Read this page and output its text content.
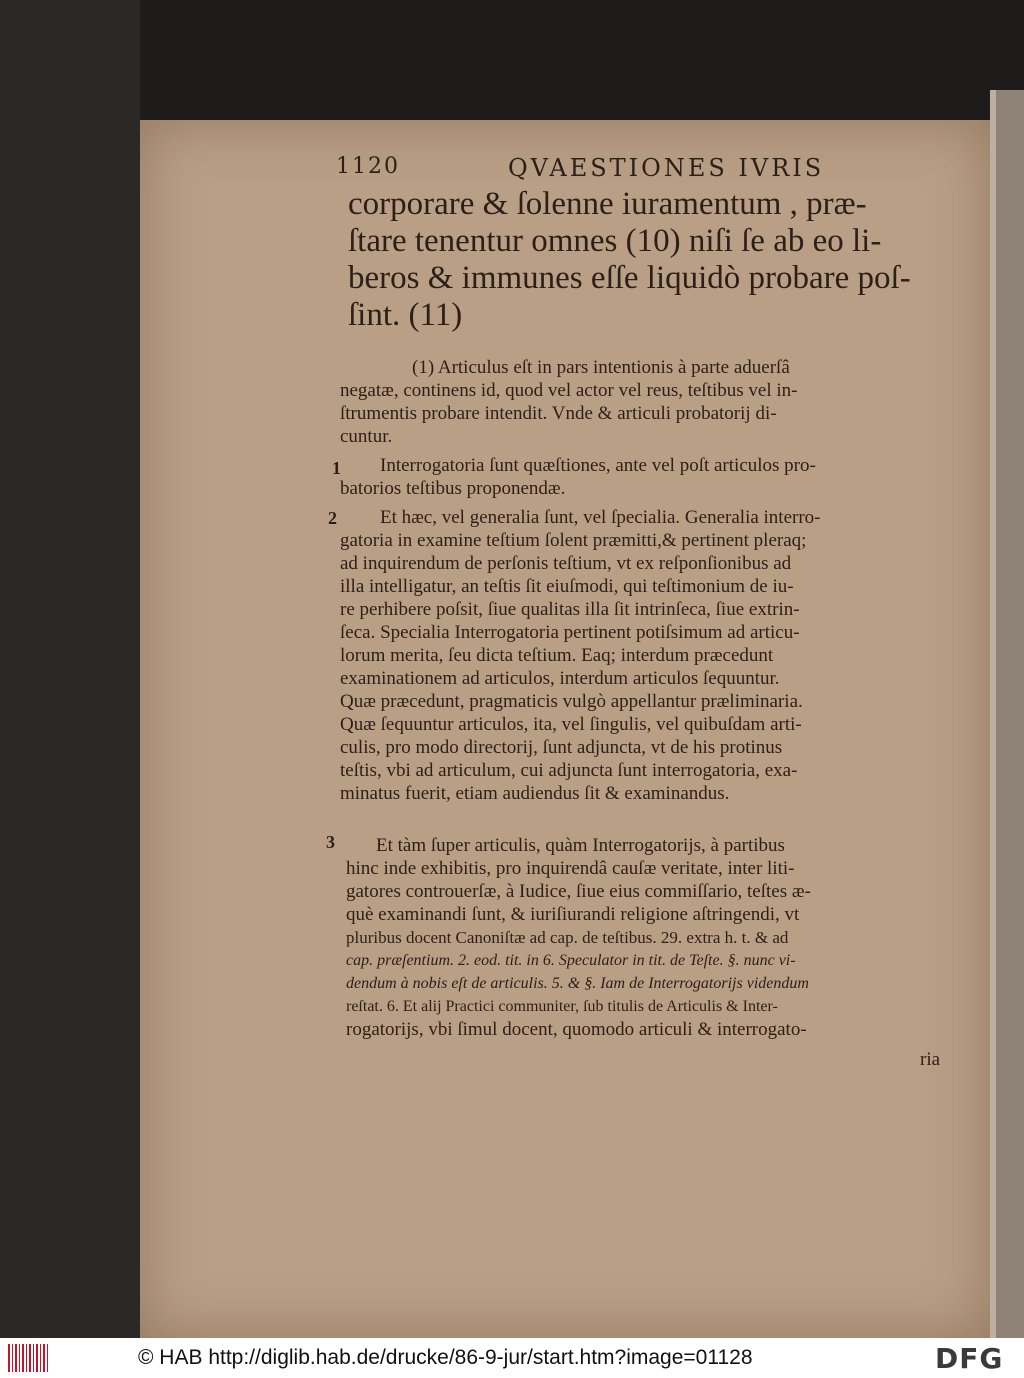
1120	QVAESTIONES IVRIS
corporare & ſolenne iuramentum , præ-
ſtare tenentur omnes (10) niſi ſe ab eo li-
beros & immunes eſſe liquidò probare poſ-
ſint. (11)
(1) Articulus eſt in pars intentionis à parte aduerſâ
negatæ, continens id, quod vel actor vel reus, teſtibus vel in-
ſtrumentis probare intendit. Vnde & articuli probatorij di-
cuntur.
1 Interrogatoria ſunt quæſtiones, ante vel poſt articulos pro-
batorios teſtibus proponendæ.
2 Et hæc, vel generalia ſunt, vel ſpecialia. Generalia interro-
gatoria in examine teſtium ſolent præmitti,& pertinent pleraq;
ad inquirendum de perſonis teſtium, vt ex reſponſionibus ad
illa intelligatur, an teſtis ſit eiuſmodi, qui teſtimonium de iu-
re perhibere poſsit, ſiue qualitas illa ſit intrinſeca, ſiue extrin-
ſeca. Specialia Interrogatoria pertinent potiſsimum ad articu-
lorum merita, ſeu dicta teſtium. Eaq; interdum præcedunt
examinationem ad articulos, interdum articulos ſequuntur.
Quæ præcedunt, pragmaticis vulgò appellantur præliminaria.
Quæ ſequuntur articulos, ita, vel ſingulis, vel quibuſdam arti-
culis, pro modo directorij, ſunt adjuncta, vt de his protinus
teſtis, vbi ad articulum, cui adjuncta ſunt interrogatoria, exa-
minatus fuerit, etiam audiendus ſit & examinandus.
3 Et tàm ſuper articulis, quàm Interrogatorijs, à partibus
hinc inde exhibitis, pro inquirendâ cauſæ veritate, inter liti-
gatores controuerſæ, à Iudice, ſiue eius commiſſario, teſtes æ-
què examinandi ſunt, & iuriſiurandi religione aſtringendi, vt
pluribus docent Canoniſtæ ad cap. de teſtibus. 29. extra h. t. & ad
cap. præſentium. 2. eod. tit. in 6. Speculator in tit. de Teſte. §. nunc vi-
dendum à nobis eſt de articulis. 5. & §. Iam de Interrogatorijs videndum
reſtat. 6. Et alij Practici communiter, ſub titulis de Articulis & Inter-
rogatorijs, vbi ſimul docent, quomodo articuli & interrogato-
ria
© HAB http://diglib.hab.de/drucke/86-9-jur/start.htm?image=01128	DFG
